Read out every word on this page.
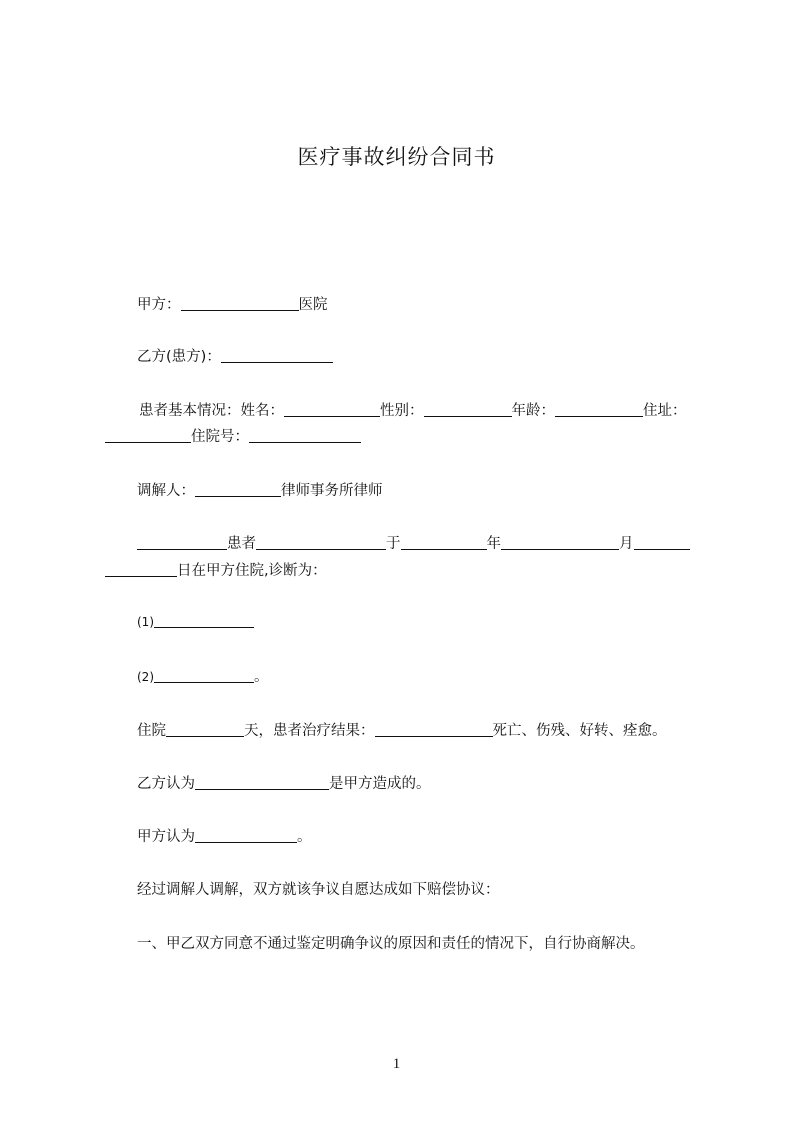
医疗事故纠纷合同书
甲方：	医院
乙方(患方)：
患者基本情况：姓名：	性别：	年龄：	住址：
住院号：
调解人：	律师事务所律师
患者	于	年	月
日在甲方住院,诊断为：
(1)
(2)	。
住院	天，患者治疗结果：	死亡、伤残、好转、痊愈。
乙方认为	是甲方造成的。
甲方认为	。
经过调解人调解，双方就该争议自愿达成如下赔偿协议：
一、甲乙双方同意不通过鉴定明确争议的原因和责任的情况下，自行协商解决。
1
